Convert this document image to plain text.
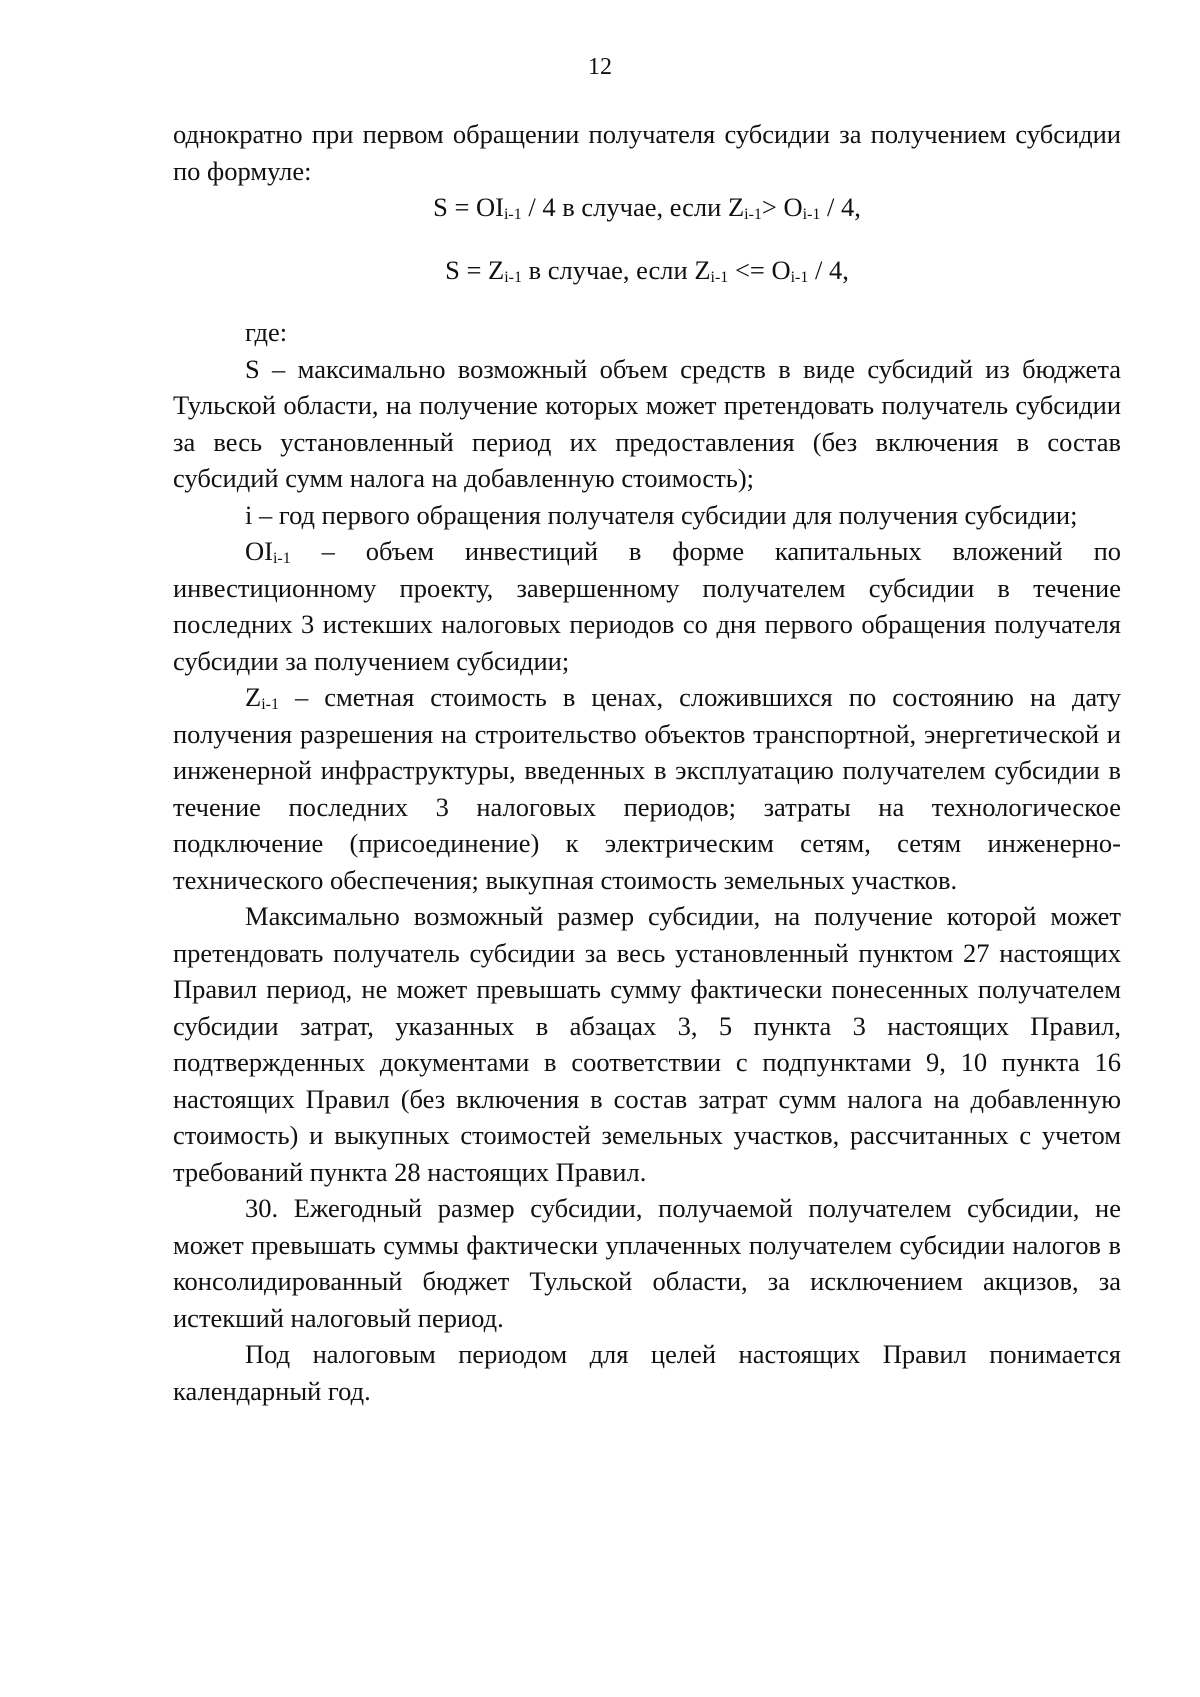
12

однократно при первом обращении получателя субсидии за получением субсидии по формуле:

$S = OI_{i-1} / 4$ в случае, если $Z_{i-1}> O_{i-1} / 4$,

$S = Z_{i-1}$ в случае, если $Z_{i-1} <= O_{i-1} / 4$,

где:

S – максимально возможный объем средств в виде субсидий из бюджета Тульской области, на получение которых может претендовать получатель субсидии за весь установленный период их предоставления (без включения в состав субсидий сумм налога на добавленную стоимость);

i – год первого обращения получателя субсидии для получения субсидии;

$OI_{i-1}$ – объем инвестиций в форме капитальных вложений по инвестиционному проекту, завершенному получателем субсидии в течение последних 3 истекших налоговых периодов со дня первого обращения получателя субсидии за получением субсидии;

$Z_{i-1}$ – сметная стоимость в ценах, сложившихся по состоянию на дату получения разрешения на строительство объектов транспортной, энергетической и инженерной инфраструктуры, введенных в эксплуатацию получателем субсидии в течение последних 3 налоговых периодов; затраты на технологическое подключение (присоединение) к электрическим сетям, сетям инженерно-технического обеспечения; выкупная стоимость земельных участков.

Максимально возможный размер субсидии, на получение которой может претендовать получатель субсидии за весь установленный пунктом 27 настоящих Правил период, не может превышать сумму фактически понесенных получателем субсидии затрат, указанных в абзацах 3, 5 пункта 3 настоящих Правил, подтвержденных документами в соответствии с подпунктами 9, 10 пункта 16 настоящих Правил (без включения в состав затрат сумм налога на добавленную стоимость) и выкупных стоимостей земельных участков, рассчитанных с учетом требований пункта 28 настоящих Правил.

30. Ежегодный размер субсидии, получаемой получателем субсидии, не может превышать суммы фактически уплаченных получателем субсидии налогов в консолидированный бюджет Тульской области, за исключением акцизов, за истекший налоговый период.

Под налоговым периодом для целей настоящих Правил понимается календарный год.
